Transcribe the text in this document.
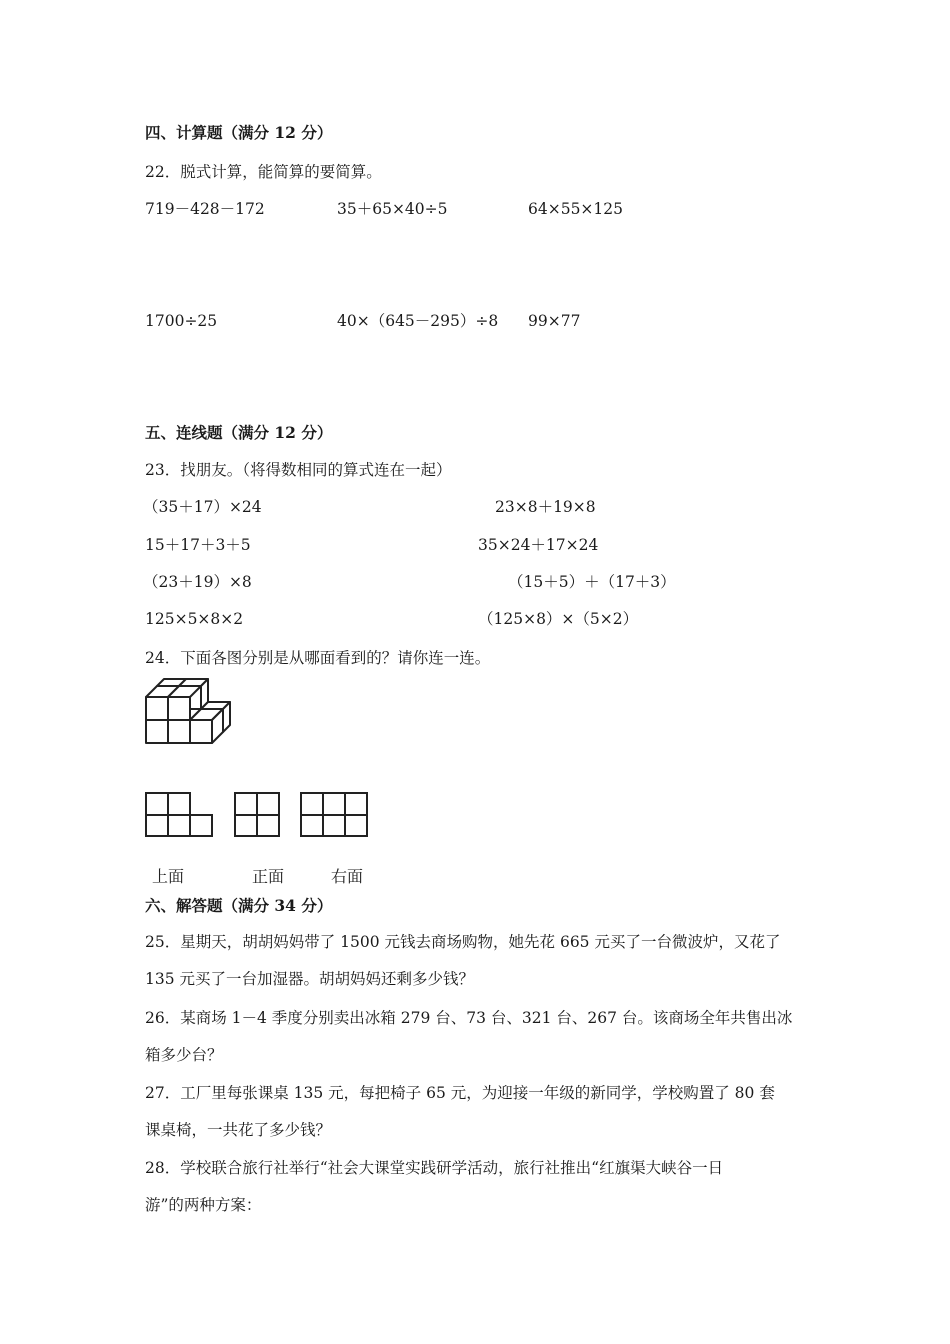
四、计算题（满分 12 分）
22．脱式计算，能简算的要简算。
719－428－172	35＋65×40÷5	64×55×125
1700÷25	40×（645－295）÷8 99×77
五、连线题（满分 12 分）
23．找朋友。（将得数相同的算式连在一起）
（35＋17）×24
15＋17＋3＋5
（23＋19）×8
125×5×8×2
23×8＋19×8
35×24＋17×24
（15＋5）＋（17＋3）
（125×8）×（5×2）
24．下面各图分别是从哪面看到的？请你连一连。
上面	正面	右面
六、解答题（满分 34 分）
25．星期天，胡胡妈妈带了 1500 元钱去商场购物，她先花 665 元买了一台微波炉，又花了
135 元买了一台加湿器。胡胡妈妈还剩多少钱？
26．某商场 1－4 季度分别卖出冰箱 279 台、73 台、321 台、267 台。该商场全年共售出冰
箱多少台？
27．工厂里每张课桌 135 元，每把椅子 65 元，为迎接一年级的新同学，学校购置了 80 套
课桌椅，一共花了多少钱？
28．学校联合旅行社举行“社会大课堂实践研学活动，旅行社推出“红旗渠大峡谷一日
游”的两种方案：
